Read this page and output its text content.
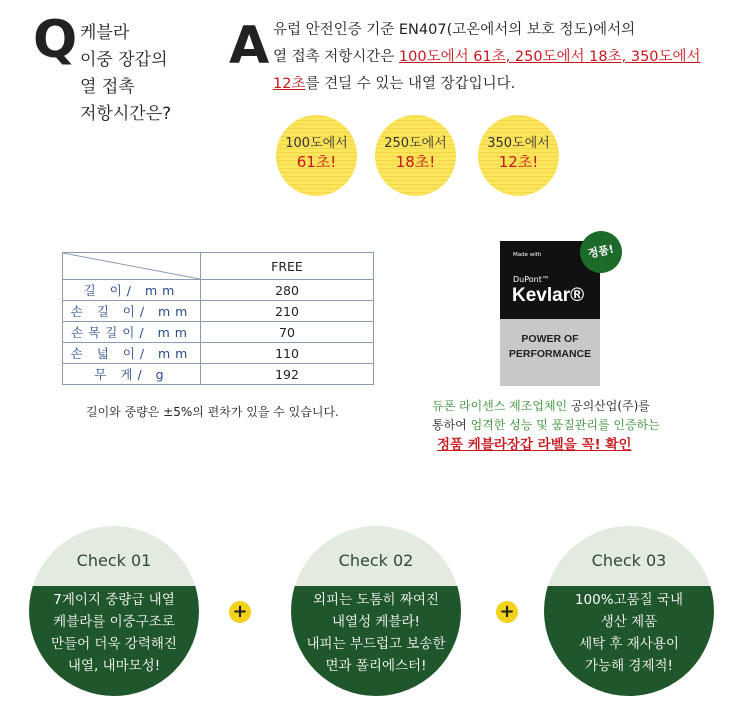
Q 케블라
이중 장갑의
열 접촉
저항시간은?
A 유럽 안전인증 기준 EN407(고온에서의 보호 정도)에서의
열 접촉 저항시간은 100도에서 61초, 250도에서 18초, 350도에서
12초를 견딜 수 있는 내열 장갑입니다.
100도에서
61초!
250도에서
18초!
350도에서
12초!
	FREE
길 이/ mm	280
손 길 이/ mm	210
손목길이/ mm	70
손 넓 이/ mm	110
무 게/ g	192
길이와 중량은 ±5%의 편차가 있을 수 있습니다.
Made with
DuPont™
Kevlar®
POWER OF
PERFORMANCE
정품!
듀폰 라이센스 제조업체인 공의산업(주)를
통하여 엄격한 성능 및 품질관리를 인증하는
정품 케블라장갑 라벨을 꼭! 확인
Check 01
7게이지 중량급 내열
케블라를 이중구조로
만들어 더욱 강력해진
내열, 내마모성!
+
Check 02
외피는 도톰히 짜여진
내열성 케블라!
내피는 부드럽고 보송한
면과 폴리에스터!
+
Check 03
100%고품질 국내
생산 제품
세탁 후 재사용이
가능해 경제적!
